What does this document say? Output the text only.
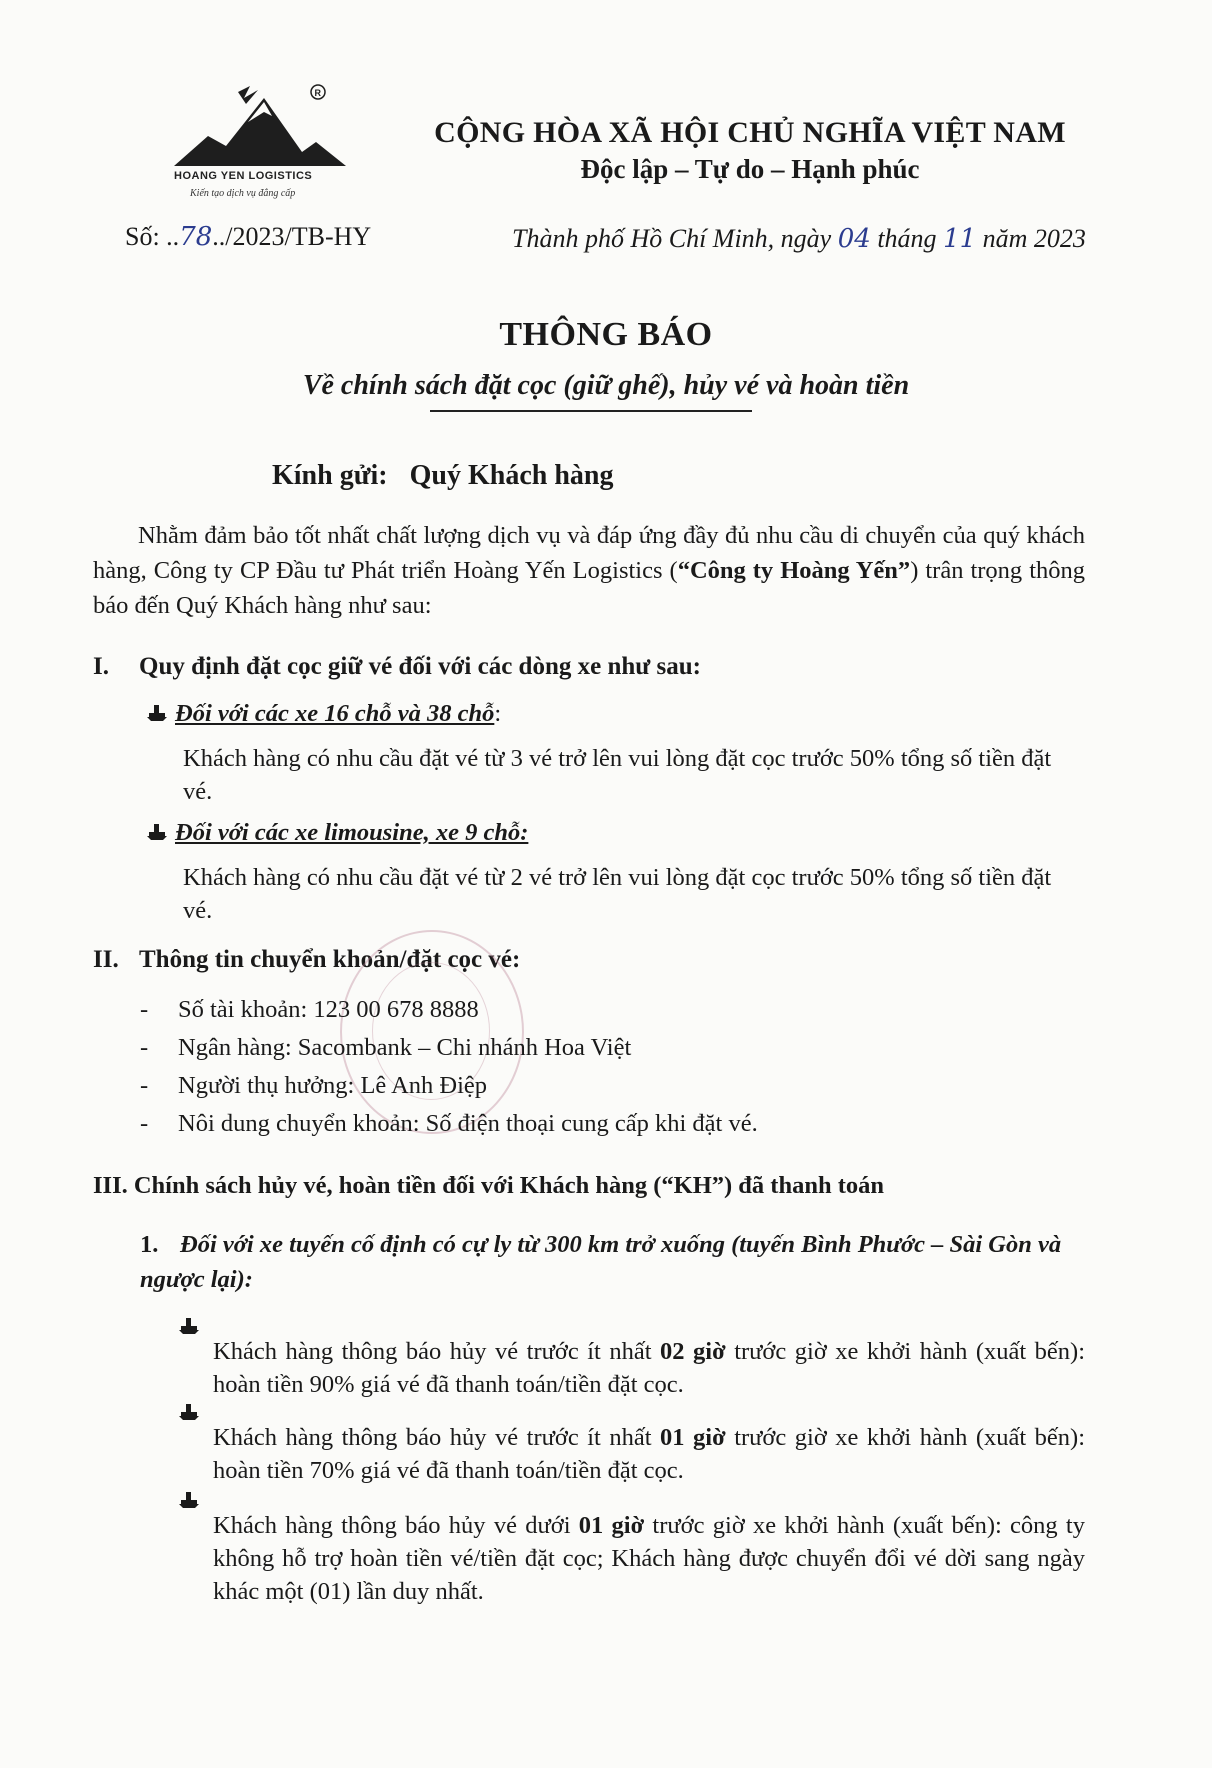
R
HOANG YEN LOGISTICS
Kiến tạo dịch vụ đẳng cấp
Số: ..78../2023/TB-HY
CỘNG HÒA XÃ HỘI CHỦ NGHĨA VIỆT NAM
Độc lập – Tự do – Hạnh phúc
Thành phố Hồ Chí Minh, ngày 04 tháng 11 năm 2023
THÔNG BÁO
Về chính sách đặt cọc (giữ ghế), hủy vé và hoàn tiền
Kính gửi: Quý Khách hàng
Nhằm đảm bảo tốt nhất chất lượng dịch vụ và đáp ứng đầy đủ nhu cầu di chuyển của quý khách hàng, Công ty CP Đầu tư Phát triển Hoàng Yến Logistics (“Công ty Hoàng Yến”) trân trọng thông báo đến Quý Khách hàng như sau:
I. Quy định đặt cọc giữ vé đối với các dòng xe như sau:
Đối với các xe 16 chỗ và 38 chỗ:
Khách hàng có nhu cầu đặt vé từ 3 vé trở lên vui lòng đặt cọc trước 50% tổng số tiền đặt vé.
Đối với các xe limousine, xe 9 chỗ:
Khách hàng có nhu cầu đặt vé từ 2 vé trở lên vui lòng đặt cọc trước 50% tổng số tiền đặt vé.
II. Thông tin chuyển khoản/đặt cọc vé:
- Số tài khoản: 123 00 678 8888
- Ngân hàng: Sacombank – Chi nhánh Hoa Việt
- Người thụ hưởng: Lê Anh Điệp
- Nôi dung chuyển khoản: Số điện thoại cung cấp khi đặt vé.
III. Chính sách hủy vé, hoàn tiền đối với Khách hàng (“KH”) đã thanh toán
1. Đối với xe tuyến cố định có cự ly từ 300 km trở xuống (tuyến Bình Phước – Sài Gòn và ngược lại):
Khách hàng thông báo hủy vé trước ít nhất 02 giờ trước giờ xe khởi hành (xuất bến): hoàn tiền 90% giá vé đã thanh toán/tiền đặt cọc.
Khách hàng thông báo hủy vé trước ít nhất 01 giờ trước giờ xe khởi hành (xuất bến): hoàn tiền 70% giá vé đã thanh toán/tiền đặt cọc.
Khách hàng thông báo hủy vé dưới 01 giờ trước giờ xe khởi hành (xuất bến): công ty không hỗ trợ hoàn tiền vé/tiền đặt cọc; Khách hàng được chuyển đổi vé dời sang ngày khác một (01) lần duy nhất.
